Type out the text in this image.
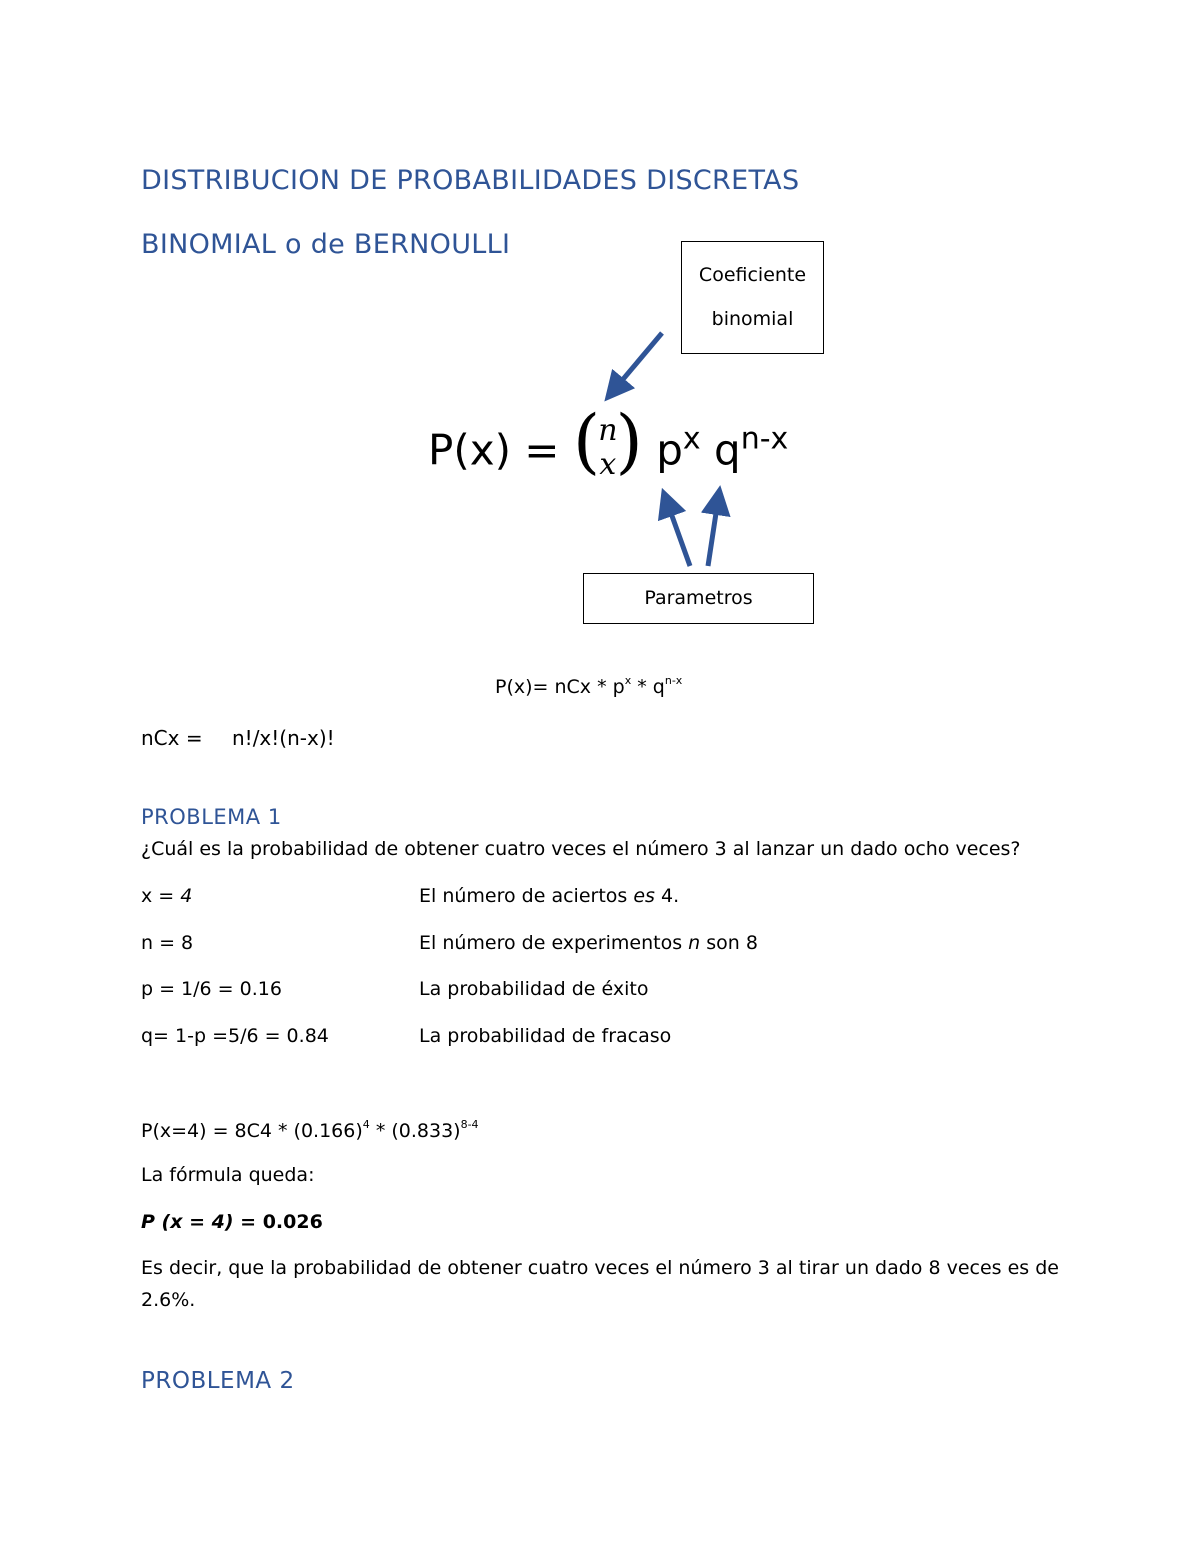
DISTRIBUCION DE PROBABILIDADES DISCRETAS
BINOMIAL o de BERNOULLI
Coeficiente
binomial
Parametros
P(x) = (
n
x ) $p^x$ $q^{n-x}$
P(x)= nCx * $p^x * q^{n-x}$
nCx = n!/x!(n-x)!
PROBLEMA 1
¿Cuál es la probabilidad de obtener cuatro veces el número 3 al lanzar un dado ocho veces?
x = 4	El número de aciertos es 4.
n = 8	El número de experimentos n son 8
p = 1/6 = 0.16	La probabilidad de éxito
q= 1-p =5/6 = 0.84	La probabilidad de fracaso
$P(x=4) = 8C4 * (0.166)^4 * (0.833)^{8-4}$
La fórmula queda:
P (x = 4) = 0.026
Es decir, que la probabilidad de obtener cuatro veces el número 3 al tirar un dado 8 veces es de
2.6%.
PROBLEMA 2
